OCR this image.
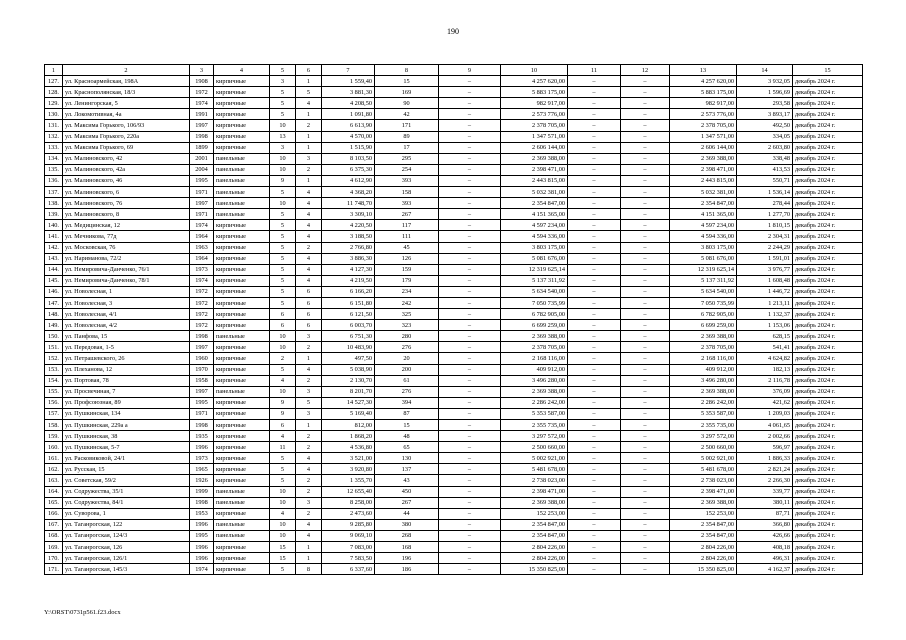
190
1	2	3	4	5	6	7	8	9	10	11	12	13	14	15
127.	ул. Красноармейская, 198А	1908	кирпичные	3	1	1 559,40	15	–	4 257 620,00	–	–	4 257 620,00	3 932,05	декабрь 2024 г.
128.	ул. Краснополянская, 18/3	1972	кирпичные	5	5	3 881,30	169	–	5 883 175,00	–	–	5 883 175,00	1 596,69	декабрь 2024 г.
129.	ул. Ленингорская, 5	1974	кирпичные	5	4	4 208,50	90	–	982 917,00	–	–	982 917,00	293,58	декабрь 2024 г.
130.	ул. Локомотивная, 4а	1991	кирпичные	5	1	1 091,80	42	–	2 573 776,00	–	–	2 573 776,00	3 893,17	декабрь 2024 г.
131.	ул. Максима Горького, 106/93	1997	кирпичные	10	2	6 613,90	171	–	2 378 705,00	–	–	2 378 705,00	492,50	декабрь 2024 г.
132.	ул. Максима Горького, 220а	1998	кирпичные	13	1	4 570,00	89	–	1 347 571,00	–	–	1 347 571,00	334,05	декабрь 2024 г.
133.	ул. Максима Горького, 69	1899	кирпичные	3	1	1 515,90	17	–	2 606 144,00	–	–	2 606 144,00	2 603,80	декабрь 2024 г.
134.	ул. Малиновского, 42	2001	панельные	10	3	8 103,50	295	–	2 369 388,00	–	–	2 369 388,00	338,48	декабрь 2024 г.
135.	ул. Малиновского, 42а	2004	панельные	10	2	6 375,30	254	–	2 398 471,00	–	–	2 398 471,00	413,53	декабрь 2024 г.
136.	ул. Малиновского, 46	1995	панельные	9	1	4 612,90	393	–	2 443 815,00	–	–	2 443 815,00	550,71	декабрь 2024 г.
137.	ул. Малиновского, 6	1971	панельные	5	4	4 368,20	158	–	5 032 381,00	–	–	5 032 381,00	1 536,14	декабрь 2024 г.
138.	ул. Малиновского, 76	1997	панельные	10	4	11 748,70	393	–	2 354 847,00	–	–	2 354 847,00	278,44	декабрь 2024 г.
139.	ул. Малиновского, 8	1971	панельные	5	4	3 309,10	267	–	4 151 365,00	–	–	4 151 365,00	1 277,70	декабрь 2024 г.
140.	ул. Медицинская, 12	1974	кирпичные	5	4	4 220,50	117	–	4 597 234,00	–	–	4 597 234,00	1 810,15	декабрь 2024 г.
141.	ул. Мечникова, 77д	1964	кирпичные	5	4	3 188,50	111	–	4 594 336,00	–	–	4 594 336,00	2 304,31	декабрь 2024 г.
142.	ул. Московская, 76	1963	кирпичные	5	2	2 766,80	45	–	3 803 175,00	–	–	3 803 175,00	2 244,29	декабрь 2024 г.
143.	ул. Нариманова, 72/2	1964	кирпичные	5	4	3 886,30	126	–	5 081 676,00	–	–	5 081 676,00	1 591,01	декабрь 2024 г.
144.	ул. Немировича-Данченко, 76/1	1973	кирпичные	5	4	4 127,30	159	–	12 319 625,14	–	–	12 319 625,14	3 976,77	декабрь 2024 г.
145.	ул. Немировича-Данченко, 78/1	1974	кирпичные	5	4	4 219,50	179	–	5 137 311,92	–	–	5 137 311,92	1 608,48	декабрь 2024 г.
146.	ул. Новолесная, 1	1972	кирпичные	5	6	6 166,20	234	–	5 634 540,00	–	–	5 634 540,00	1 446,72	декабрь 2024 г.
147.	ул. Новолесная, 3	1972	кирпичные	5	6	6 151,80	242	–	7 050 735,99	–	–	7 050 735,99	1 213,11	декабрь 2024 г.
148.	ул. Новолесная, 4/1	1972	кирпичные	6	6	6 121,50	325	–	6 782 905,00	–	–	6 782 905,00	1 132,37	декабрь 2024 г.
149.	ул. Новолесная, 4/2	1972	кирпичные	6	6	6 003,70	323	–	6 699 259,00	–	–	6 699 259,00	1 153,06	декабрь 2024 г.
150.	ул. Панфова, 15	1998	панельные	10	3	6 751,30	280	–	2 369 388,00	–	–	2 369 388,00	628,15	декабрь 2024 г.
151.	ул. Передовая, 1-5	1997	кирпичные	10	2	10 483,90	276	–	2 378 705,00	–	–	2 378 705,00	541,41	декабрь 2024 г.
152.	ул. Петрашевского, 26	1960	кирпичные	2	1	497,50	20	–	2 168 116,00	–	–	2 168 116,00	4 624,82	декабрь 2024 г.
153.	ул. Плеханова, 12	1970	кирпичные	5	4	5 038,90	200	–	409 912,00	–	–	409 912,00	182,13	декабрь 2024 г.
154.	ул. Портовая, 78	1958	кирпичные	4	2	2 130,70	61	–	3 496 280,00	–	–	3 496 280,00	2 116,78	декабрь 2024 г.
155.	ул. Просвечиная, 7	1997	панельные	10	3	8 201,70	276	–	2 369 388,00	–	–	2 369 388,00	376,09	декабрь 2024 г.
156.	ул. Профсоюзная, 89	1995	кирпичные	9	5	14 527,30	394	–	2 286 242,00	–	–	2 286 242,00	421,62	декабрь 2024 г.
157.	ул. Пушкинская, 134	1971	кирпичные	9	3	5 169,40	87	–	5 353 587,00	–	–	5 353 587,00	1 209,03	декабрь 2024 г.
158.	ул. Пушкинская, 229а а	1998	кирпичные	6	1	812,00	15	–	2 355 735,00	–	–	2 355 735,00	4 061,65	декабрь 2024 г.
159.	ул. Пушкинская, 38	1935	кирпичные	4	2	1 868,20	48	–	3 297 572,00	–	–	3 297 572,00	2 002,66	декабрь 2024 г.
160.	ул. Пушкинская, 5-7	1996	кирпичные	11	2	4 536,80	65	–	2 500 660,00	–	–	2 500 660,00	596,97	декабрь 2024 г.
161.	ул. Расковиковой, 24/1	1973	кирпичные	5	4	3 521,00	130	–	5 002 921,00	–	–	5 002 921,00	1 886,33	декабрь 2024 г.
162.	ул. Русская, 15	1965	кирпичные	5	4	3 920,80	137	–	5 481 678,00	–	–	5 481 678,00	2 821,24	декабрь 2024 г.
163.	ул. Советская, 59/2	1926	кирпичные	5	2	1 355,70	43	–	2 738 023,00	–	–	2 738 023,00	2 266,30	декабрь 2024 г.
164.	ул. Содружества, 35/1	1999	панельные	10	2	12 655,40	450	–	2 398 471,00	–	–	2 398 471,00	339,77	декабрь 2024 г.
165.	ул. Содружества, 84/1	1998	панельные	10	3	8 258,00	267	–	2 369 388,00	–	–	2 369 388,00	380,11	декабрь 2024 г.
166.	ул. Суворова, 1	1953	кирпичные	4	2	2 473,60	44	–	152 253,00	–	–	152 253,00	87,71	декабрь 2024 г.
167.	ул. Таганрогская, 122	1996	панельные	10	4	9 285,80	380	–	2 354 847,00	–	–	2 354 847,00	366,80	декабрь 2024 г.
168.	ул. Таганрогская, 124/3	1995	панельные	10	4	9 069,10	268	–	2 354 847,00	–	–	2 354 847,00	426,66	декабрь 2024 г.
169.	ул. Таганрогская, 126	1996	кирпичные	15	1	7 083,00	168	–	2 804 226,00	–	–	2 804 226,00	408,18	декабрь 2024 г.
170.	ул. Таганрогская, 126/1	1996	кирпичные	15	1	7 583,50	196	–	2 804 226,00	–	–	2 804 226,00	496,31	декабрь 2024 г.
171.	ул. Таганрогская, 145/3	1974	кирпичные	5	8	6 337,60	186	–	15 350 825,00	–	–	15 350 825,00	4 162,37	декабрь 2024 г.
Y:\ORST\0731p561.f23.docx
